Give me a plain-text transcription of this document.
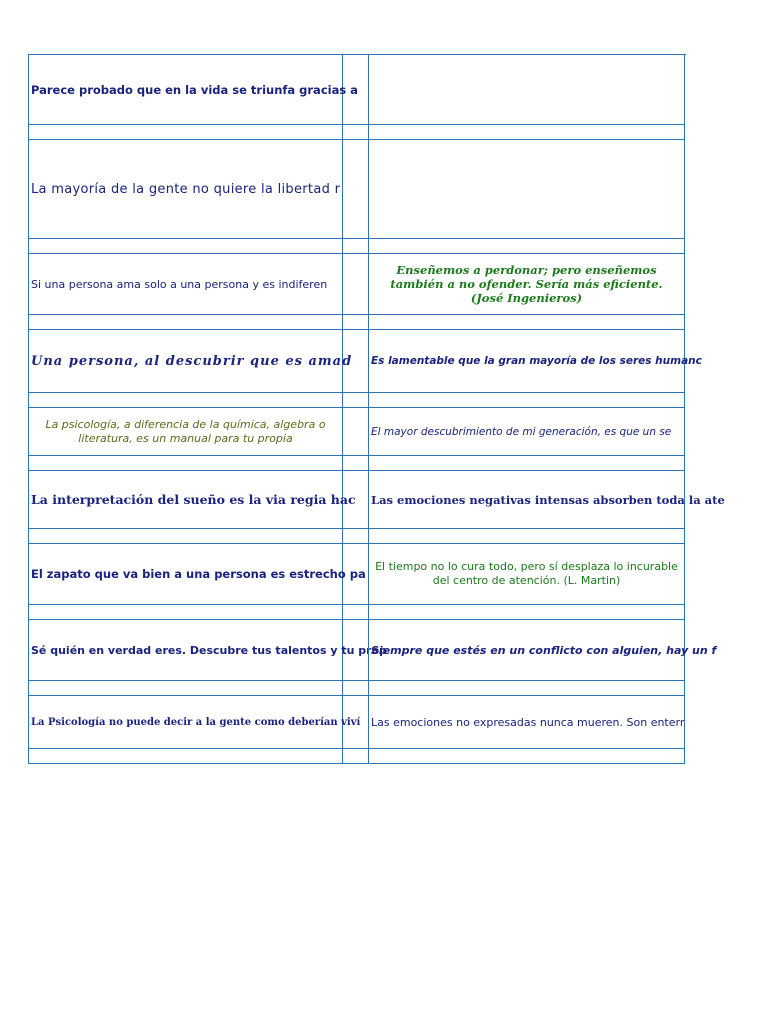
Parece probado que en la vida se triunfa gracias a
La mayoría de la gente no quiere la libertad r
Si una persona ama solo a una persona y es indiferen
Enseñemos a perdonar; pero enseñemos también a no ofender. Sería más eficiente. (José Ingenieros)
Una persona, al descubrir que es amad Es lamentable que la gran mayoría de los seres humanc
La psicología, a diferencia de la química, algebra o literatura, es un manual para tu propia	El mayor descubrimiento de mi generación, es que un se
La interpretación del sueño es la via regia hac Las emociones negativas intensas absorben toda la ate
El zapato que va bien a una persona es estrecho pa
El tiempo no lo cura todo, pero sí desplaza lo incurable del centro de atención. (L. Martin)
Sé quién en verdad eres. Descubre tus talentos y tu prop
Siempre que estés en un conflicto con alguien, hay un f
La Psicología no puede decir a la gente como deberían viví Las emociones no expresadas nunca mueren. Son enterr
